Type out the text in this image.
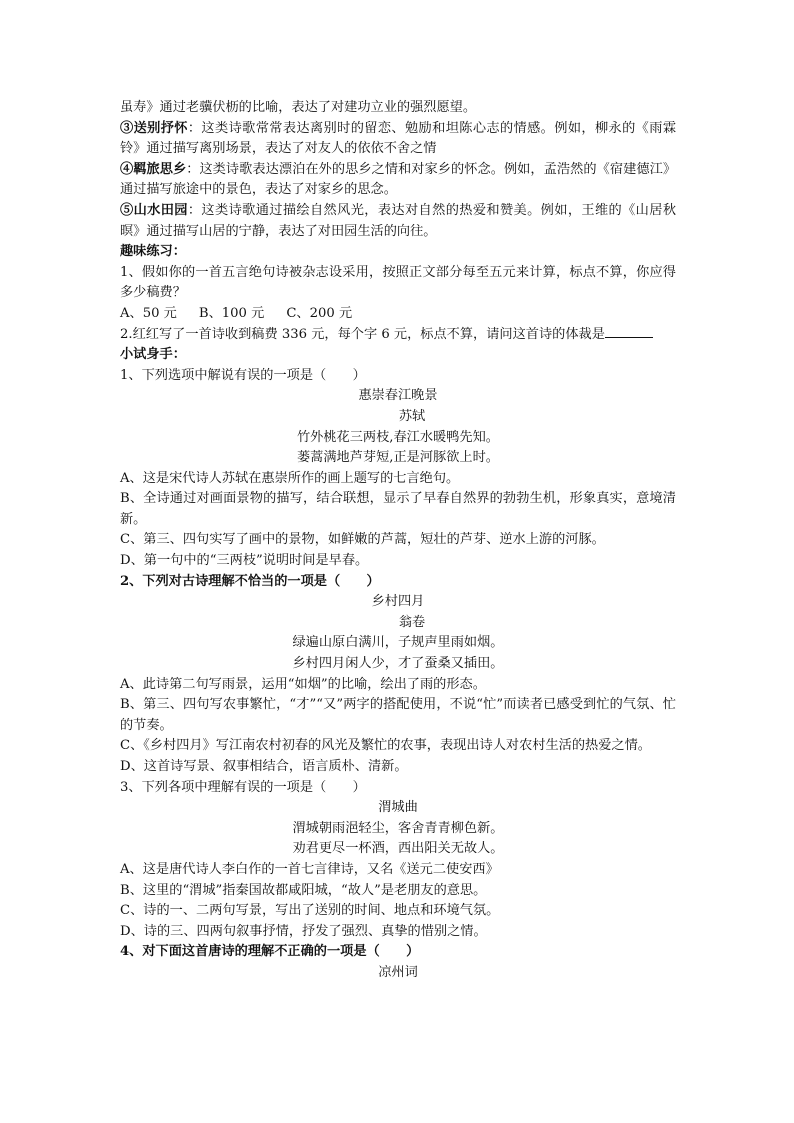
虽寿》通过老骥伏枥的比喻，表达了对建功立业的强烈愿望。

③送别抒怀：这类诗歌常常表达离别时的留恋、勉励和坦陈心志的情感。例如，柳永的《雨霖铃》通过描写离别场景，表达了对友人的依依不舍之情

④羁旅思乡：这类诗歌表达漂泊在外的思乡之情和对家乡的怀念。例如，孟浩然的《宿建德江》通过描写旅途中的景色，表达了对家乡的思念。

⑤山水田园：这类诗歌通过描绘自然风光，表达对自然的热爱和赞美。例如，王维的《山居秋暝》通过描写山居的宁静，表达了对田园生活的向往。

趣味练习：

1、假如你的一首五言绝句诗被杂志设采用，按照正文部分每至五元来计算，标点不算，你应得多少稿费？

A、50 元 B、100 元 C、200 元

2.红红写了一首诗收到稿费 336 元，每个字 6 元，标点不算，请问这首诗的体裁是

小试身手：

1、下列选项中解说有误的一项是（　　）

惠崇春江晚景

苏轼

竹外桃花三两枝,春江水暖鸭先知。

蒌蒿满地芦芽短,正是河豚欲上时。

A、这是宋代诗人苏轼在惠崇所作的画上题写的七言绝句。

B、全诗通过对画面景物的描写，结合联想，显示了早春自然界的勃勃生机，形象真实，意境清新。

C、第三、四句实写了画中的景物，如鲜嫩的芦蒿，短壮的芦芽、逆水上游的河豚。

D、第一句中的“三两枝”说明时间是早春。

2、下列对古诗理解不恰当的一项是（　　）

乡村四月

翁卷

绿遍山原白满川，子规声里雨如烟。

乡村四月闲人少，才了蚕桑又插田。

A、此诗第二句写雨景，运用“如烟”的比喻，绘出了雨的形态。

B、第三、四句写农事繁忙，“才”“又”两字的搭配使用，不说“忙”而读者已感受到忙的气氛、忙的节奏。

C、《乡村四月》写江南农村初春的风光及繁忙的农事，表现出诗人对农村生活的热爱之情。

D、这首诗写景、叙事相结合，语言质朴、清新。

3、下列各项中理解有误的一项是（　　）

渭城曲

渭城朝雨浥轻尘，客舍青青柳色新。

劝君更尽一杯酒，西出阳关无故人。

A、这是唐代诗人李白作的一首七言律诗，又名《送元二使安西》

B、这里的“渭城”指秦国故都咸阳城，“故人”是老朋友的意思。

C、诗的一、二两句写景，写出了送别的时间、地点和环境气氛。

D、诗的三、四两句叙事抒情，抒发了强烈、真挚的惜别之情。

4、对下面这首唐诗的理解不正确的一项是（　　）

凉州词
